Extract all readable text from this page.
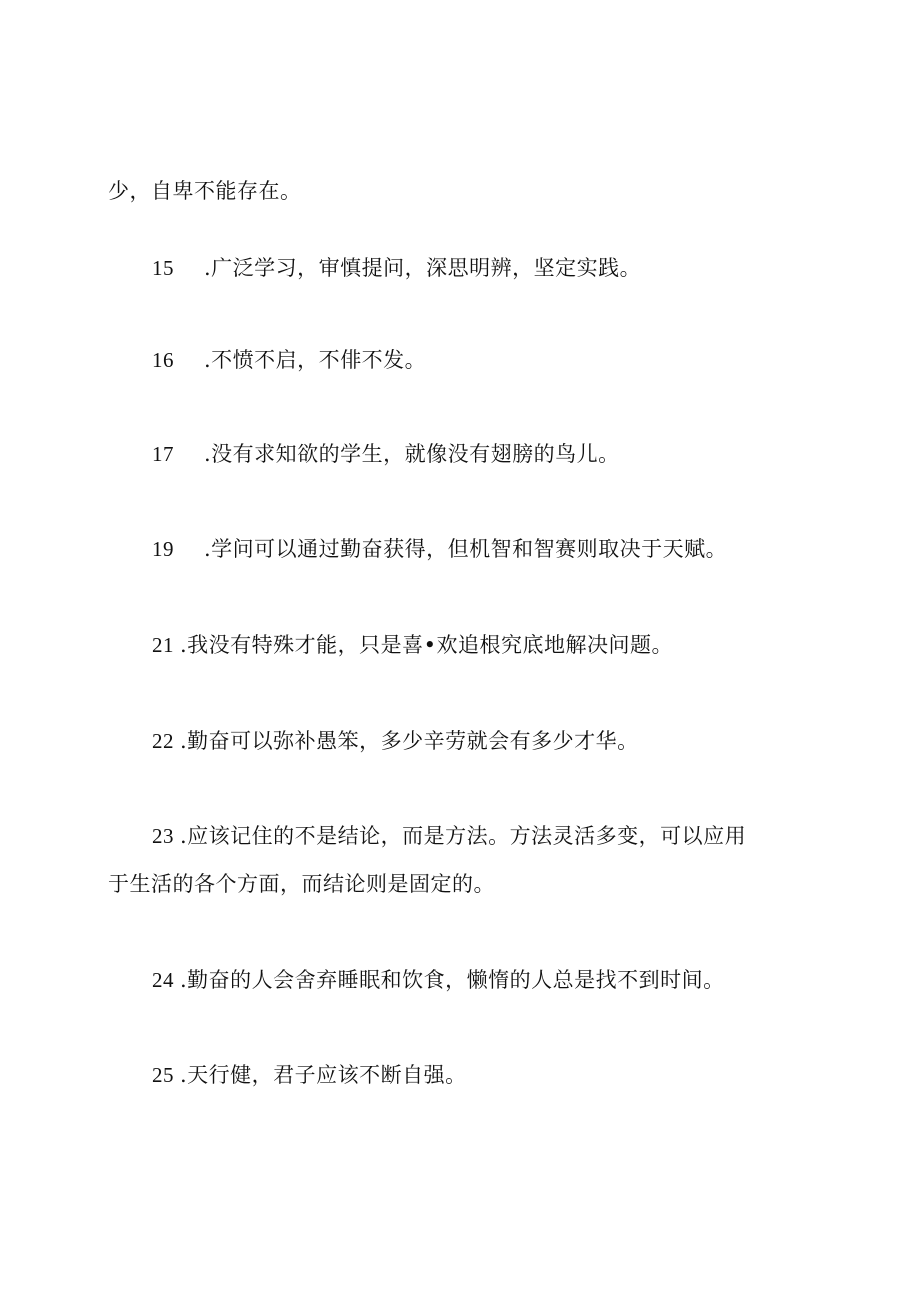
少，自卑不能存在。
15 .广泛学习，审慎提问，深思明辨，坚定实践。
16 .不愤不启，不俳不发。
17 .没有求知欲的学生，就像没有翅膀的鸟儿。
19 .学问可以通过勤奋获得，但机智和智赛则取决于天赋。
21 .我没有特殊才能，只是喜•欢追根究底地解决问题。
22 .勤奋可以弥补愚笨，多少辛劳就会有多少才华。
23 .应该记住的不是结论，而是方法。方法灵活多变，可以应用
于生活的各个方面，而结论则是固定的。
24 .勤奋的人会舍弃睡眠和饮食，懒惰的人总是找不到时间。
25 .天行健，君子应该不断自强。
